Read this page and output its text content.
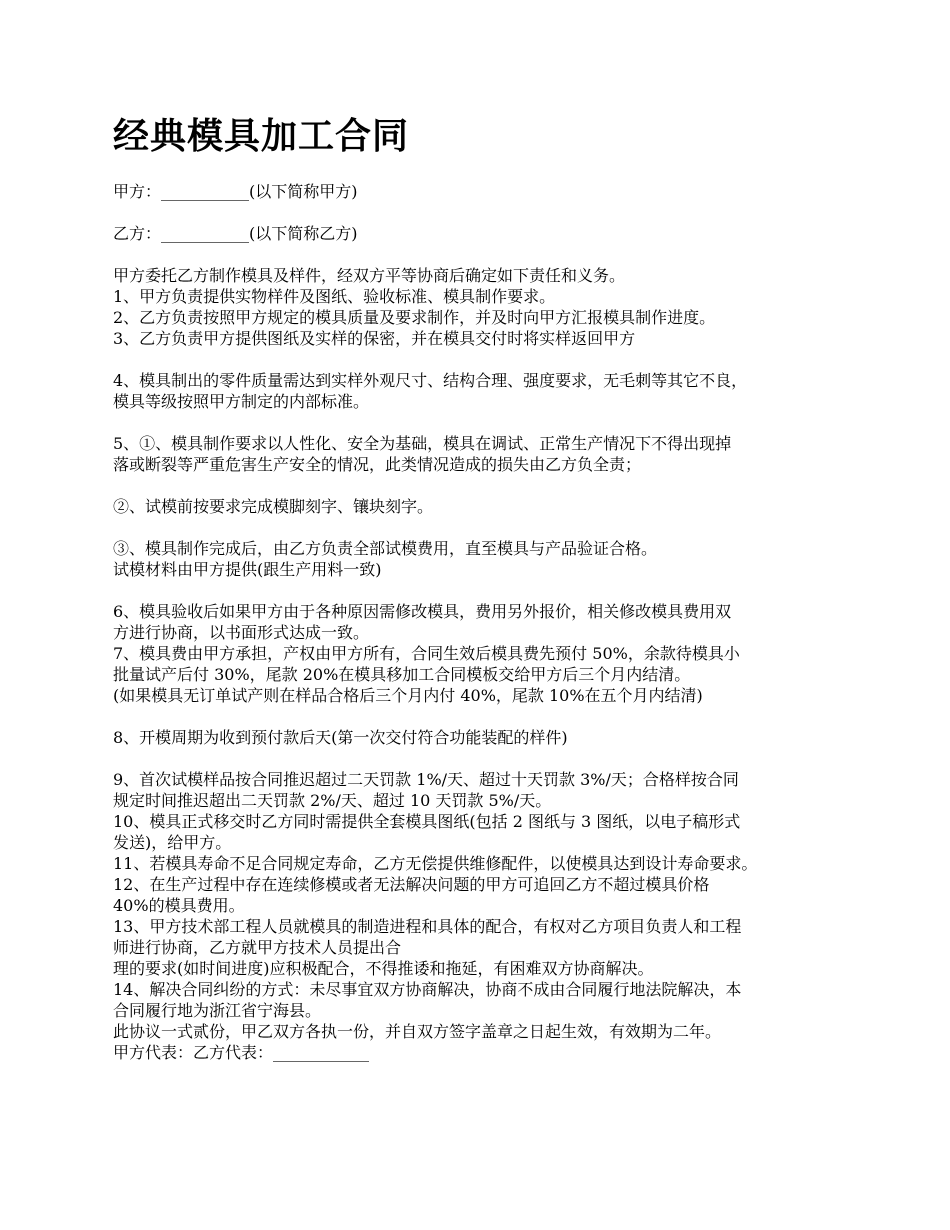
经典模具加工合同
甲方：___________(以下简称甲方)
乙方：___________(以下简称乙方)
甲方委托乙方制作模具及样件，经双方平等协商后确定如下责任和义务。
1、甲方负责提供实物样件及图纸、验收标准、模具制作要求。
2、乙方负责按照甲方规定的模具质量及要求制作，并及时向甲方汇报模具制作进度。
3、乙方负责甲方提供图纸及实样的保密，并在模具交付时将实样返回甲方
4、模具制出的零件质量需达到实样外观尺寸、结构合理、强度要求，无毛刺等其它不良，
模具等级按照甲方制定的内部标准。
5、①、模具制作要求以人性化、安全为基础，模具在调试、正常生产情况下不得出现掉
落或断裂等严重危害生产安全的情况，此类情况造成的损失由乙方负全责；
②、试模前按要求完成模脚刻字、镶块刻字。
③、模具制作完成后，由乙方负责全部试模费用，直至模具与产品验证合格。
试模材料由甲方提供(跟生产用料一致)
6、模具验收后如果甲方由于各种原因需修改模具，费用另外报价，相关修改模具费用双
方进行协商，以书面形式达成一致。
7、模具费由甲方承担，产权由甲方所有，合同生效后模具费先预付 50%，余款待模具小
批量试产后付 30%，尾款 20%在模具移加工合同模板交给甲方后三个月内结清。
(如果模具无订单试产则在样品合格后三个月内付 40%，尾款 10%在五个月内结清)
8、开模周期为收到预付款后天(第一次交付符合功能装配的样件)
9、首次试模样品按合同推迟超过二天罚款 1%/天、超过十天罚款 3%/天；合格样按合同
规定时间推迟超出二天罚款 2%/天、超过 10 天罚款 5%/天。
10、模具正式移交时乙方同时需提供全套模具图纸(包括 2 图纸与 3 图纸，以电子稿形式
发送)，给甲方。
11、若模具寿命不足合同规定寿命，乙方无偿提供维修配件，以使模具达到设计寿命要求。
12、在生产过程中存在连续修模或者无法解决问题的甲方可追回乙方不超过模具价格
40%的模具费用。
13、甲方技术部工程人员就模具的制造进程和具体的配合，有权对乙方项目负责人和工程
师进行协商，乙方就甲方技术人员提出合
理的要求(如时间进度)应积极配合，不得推诿和拖延，有困难双方协商解决。
14、解决合同纠纷的方式：未尽事宜双方协商解决，协商不成由合同履行地法院解决，本
合同履行地为浙江省宁海县。
此协议一式贰份，甲乙双方各执一份，并自双方签字盖章之日起生效，有效期为二年。
甲方代表：乙方代表：____________
